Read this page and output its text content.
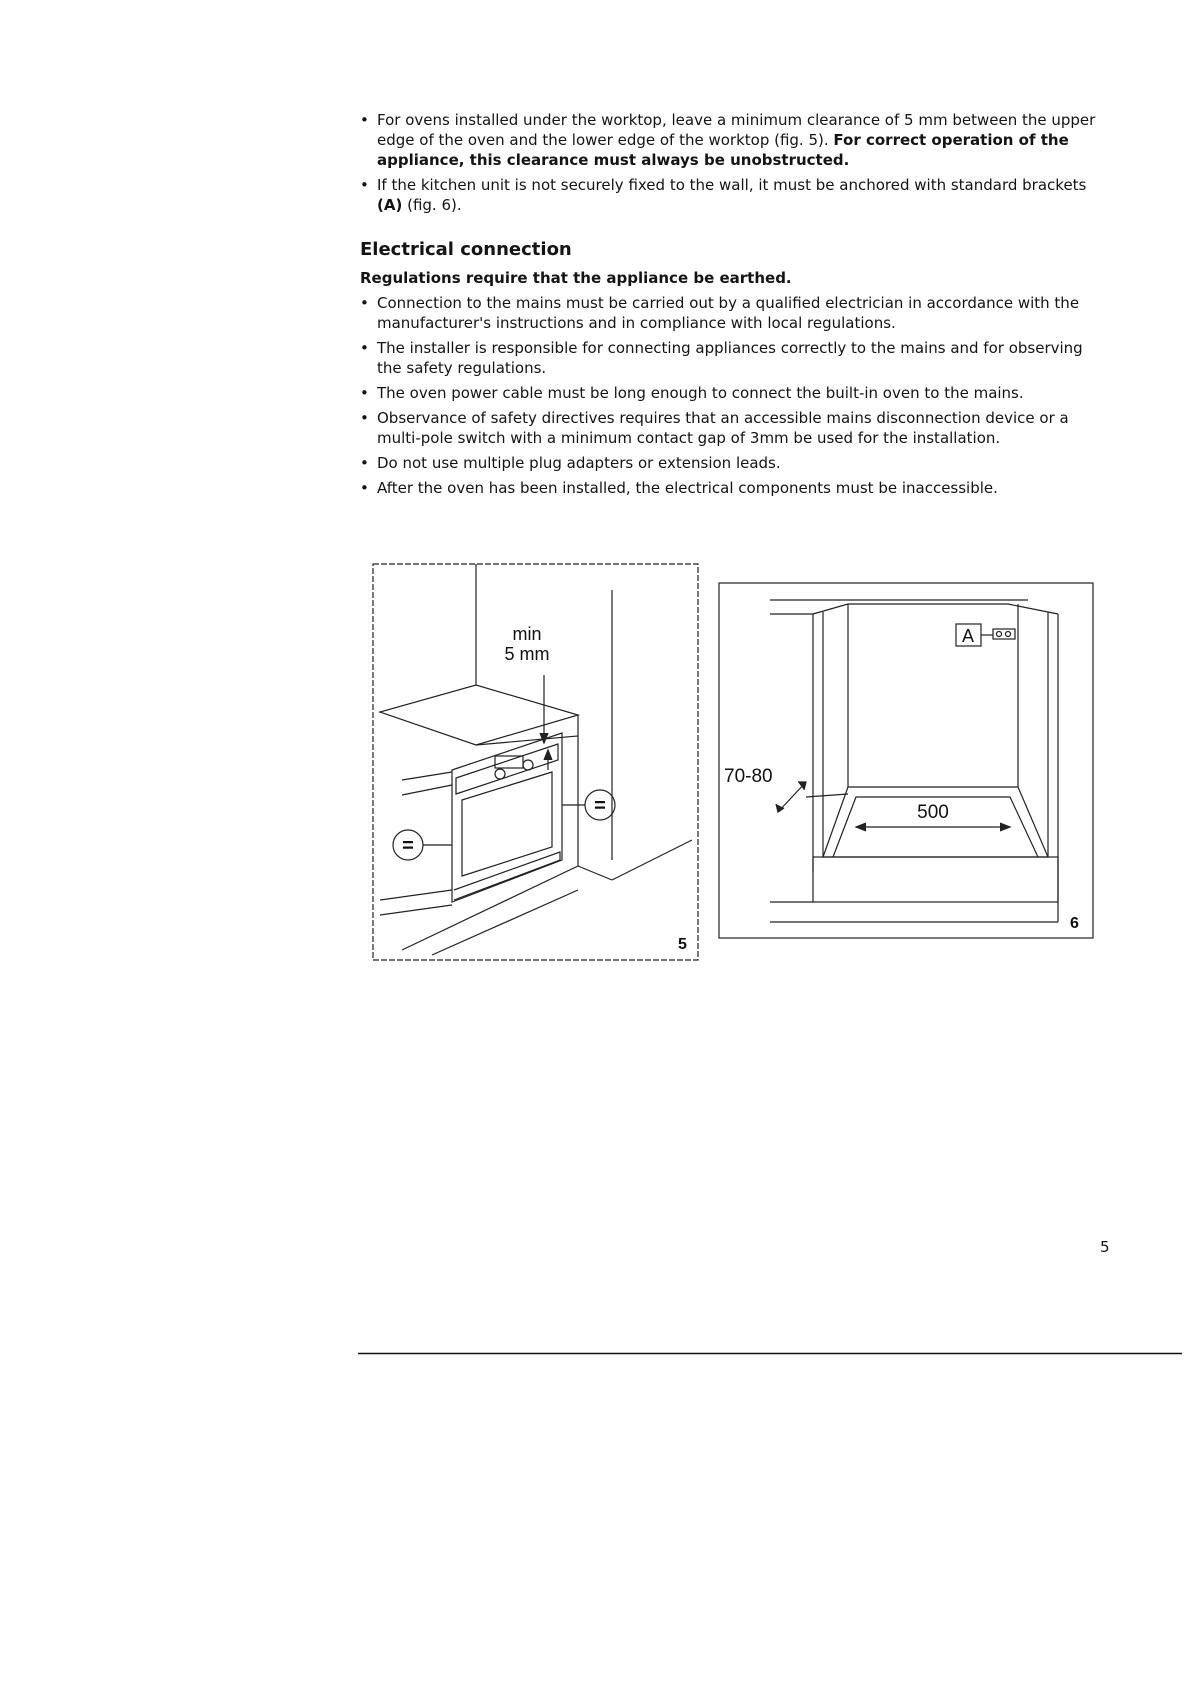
• For ovens installed under the worktop, leave a minimum clearance of 5 mm between the upper edge of the oven and the lower edge of the worktop (fig. 5). For correct operation of the appliance, this clearance must always be unobstructed.
• If the kitchen unit is not securely fixed to the wall, it must be anchored with standard brackets (A) (fig. 6).
Electrical connection

Regulations require that the appliance be earthed.

• Connection to the mains must be carried out by a qualified electrician in accordance with the manufacturer's instructions and in compliance with local regulations.
• The installer is responsible for connecting appliances correctly to the mains and for observing the safety regulations.
• The oven power cable must be long enough to connect the built-in oven to the mains.
• Observance of safety directives requires that an accessible mains disconnection device or a multi-pole switch with a minimum contact gap of 3mm be used for the installation.
• Do not use multiple plug adapters or extension leads.
• After the oven has been installed, the electrical components must be inaccessible.
min
5 mm
=
=
5
A
70-80
500
6
5
